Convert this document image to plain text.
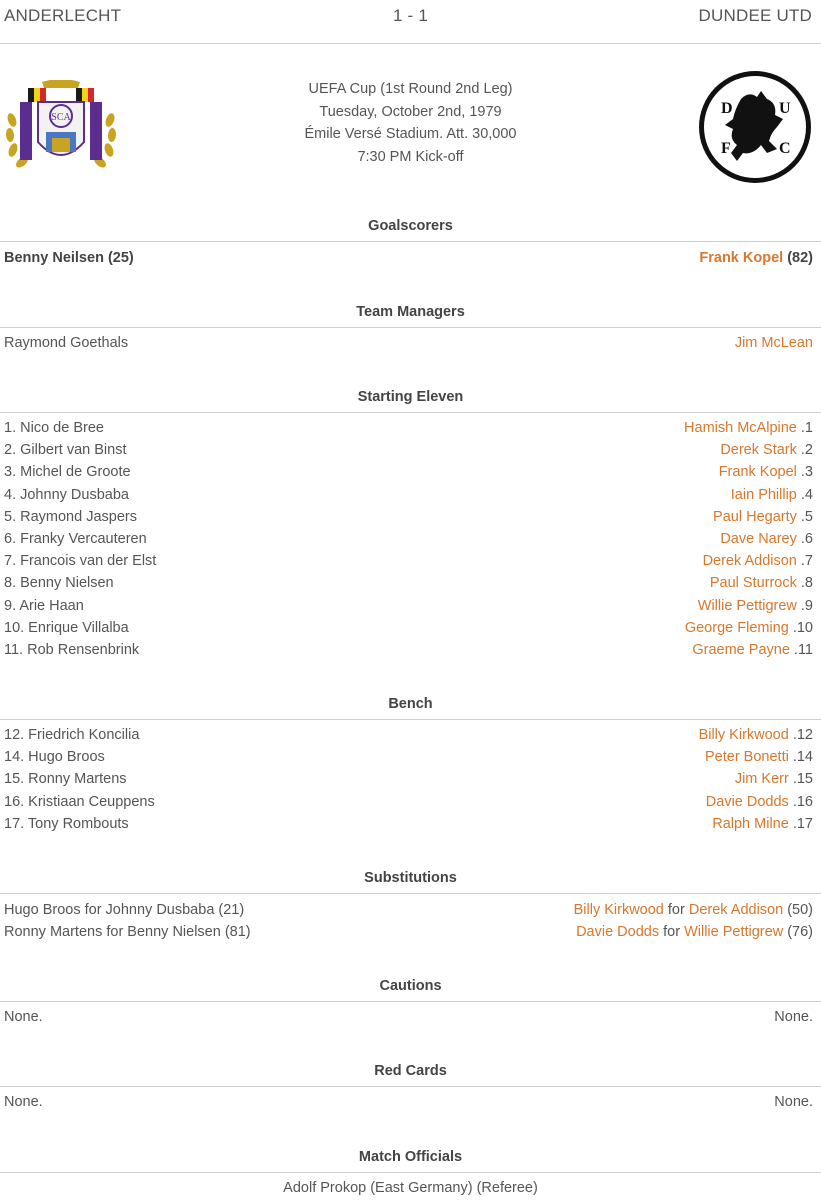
ANDERLECHT	1 - 1	DUNDEE UTD
SCA
UEFA Cup (1st Round 2nd Leg)
Tuesday, October 2nd, 1979
Émile Versé Stadium. Att. 30,000
7:30 PM Kick-off
D	U
F	C
Goalscorers
Benny Neilsen (25)	Frank Kopel (82)
Team Managers
Raymond Goethals	Jim McLean
Starting Eleven
1. Nico de Bree	Hamish McAlpine .1
2. Gilbert van Binst	Derek Stark .2
3. Michel de Groote	Frank Kopel .3
4. Johnny Dusbaba	Iain Phillip .4
5. Raymond Jaspers	Paul Hegarty .5
6. Franky Vercauteren	Dave Narey .6
7. Francois van der Elst	Derek Addison .7
8. Benny Nielsen	Paul Sturrock .8
9. Arie Haan	Willie Pettigrew .9
10. Enrique Villalba	George Fleming .10
11. Rob Rensenbrink	Graeme Payne .11
Bench
12. Friedrich Koncilia	Billy Kirkwood .12
14. Hugo Broos	Peter Bonetti .14
15. Ronny Martens	Jim Kerr .15
16. Kristiaan Ceuppens	Davie Dodds .16
17. Tony Rombouts	Ralph Milne .17
Substitutions
Hugo Broos for Johnny Dusbaba (21)	Billy Kirkwood for Derek Addison (50)
Ronny Martens for Benny Nielsen (81)	Davie Dodds for Willie Pettigrew (76)
Cautions
None.	None.
Red Cards
None.	None.
Match Officials
Adolf Prokop (East Germany) (Referee)
